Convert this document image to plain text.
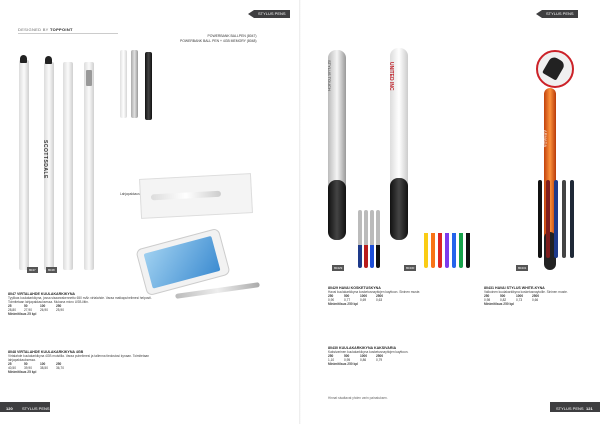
STYLUS PENS
DESIGNED BY TOPPOINT
POWERBANK BALLPEN (8047)
POWERBANK BALL PEN + 4GB MEMORY (8048)
SCOTTSDALE
Lahjapakkaus
8047	8048
8047 VIRTALAHDE KUULAKARKIKYNA
Tyylikas kuulakarkikyna, jossa sisaanrakennettu 650 mAh virtalahde. Varaa matkapuhelimesi helposti. Toimitetaan lahjapakkauksessa. Mukana micro USB-liitin.
25	50	100	250
28,80	27,90	26,90	25,90
Minimitilaus 25 kpl
8048 VIRTALAHDE KUULAKARKIKYNA 4GB
Virtalahde kuulakarkikyna 4GB muistilla. Varaa puhelimesi ja tallenna tiedostosi kynaan. Toimitetaan lahjapakkauksessa.
25	50	100	250
40,50	39,90	38,50	36,70
Minimitilaus 25 kpl
120 STYLUS PENS
STYLUS PENS
STYLUS TOUCH	UNITED INC
ARMADA
80429	80430	80431
80429 HAVAI KOSKETUSKYNA
Havai kuulakarkikyna kosketusnayttojen kayttoon. Sininen muste.
250	500	1000	2500
0,90	0,77	0,69	0,63
Minimitilaus 250 kpl
80431 HAVAI STYLUS WHITE-KYNA
Valkoinen kuulakarkikyna kosketusnaytoille. Sininen muste.
250	500	1000	2500
0,98	0,82	0,73	0,66
Minimitilaus 250 kpl
80430 KUULAKARKIKYNA KAKSIVARIA
Kaksivarinen kuulakarkikyna kosketusnayttojen kayttoon.
250	500	1000	2500
1,10	0,95	0,86	0,79
Minimitilaus 250 kpl
Hinnat sisaltavat yhden varin painatuksen.
STYLUS PENS 121
